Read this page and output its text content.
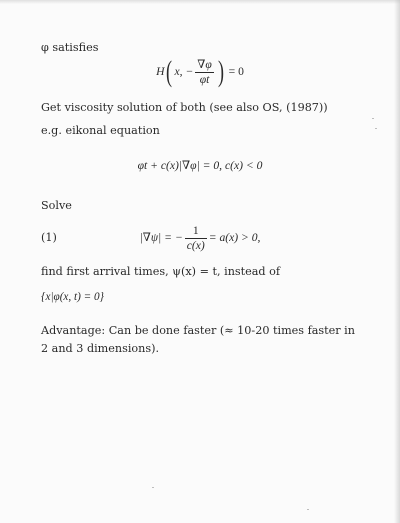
φ satisfies
H( x, − $\frac{\nabla\varphi}{\varphi t}$ ) = 0
Get viscosity solution of both (see also OS, (1987))
e.g. eikonal equation
φt + c(x)|∇φ| = 0, c(x) < 0
Solve
(1)	|∇ψ| = − $\frac{1}{c(x)} = a(x) > 0$,
find first arrival times, ψ(x) = t, instead of
{x|φ(x, t) = 0}
Advantage: Can be done faster (≈ 10-20 times faster in
2 and 3 dimensions).
